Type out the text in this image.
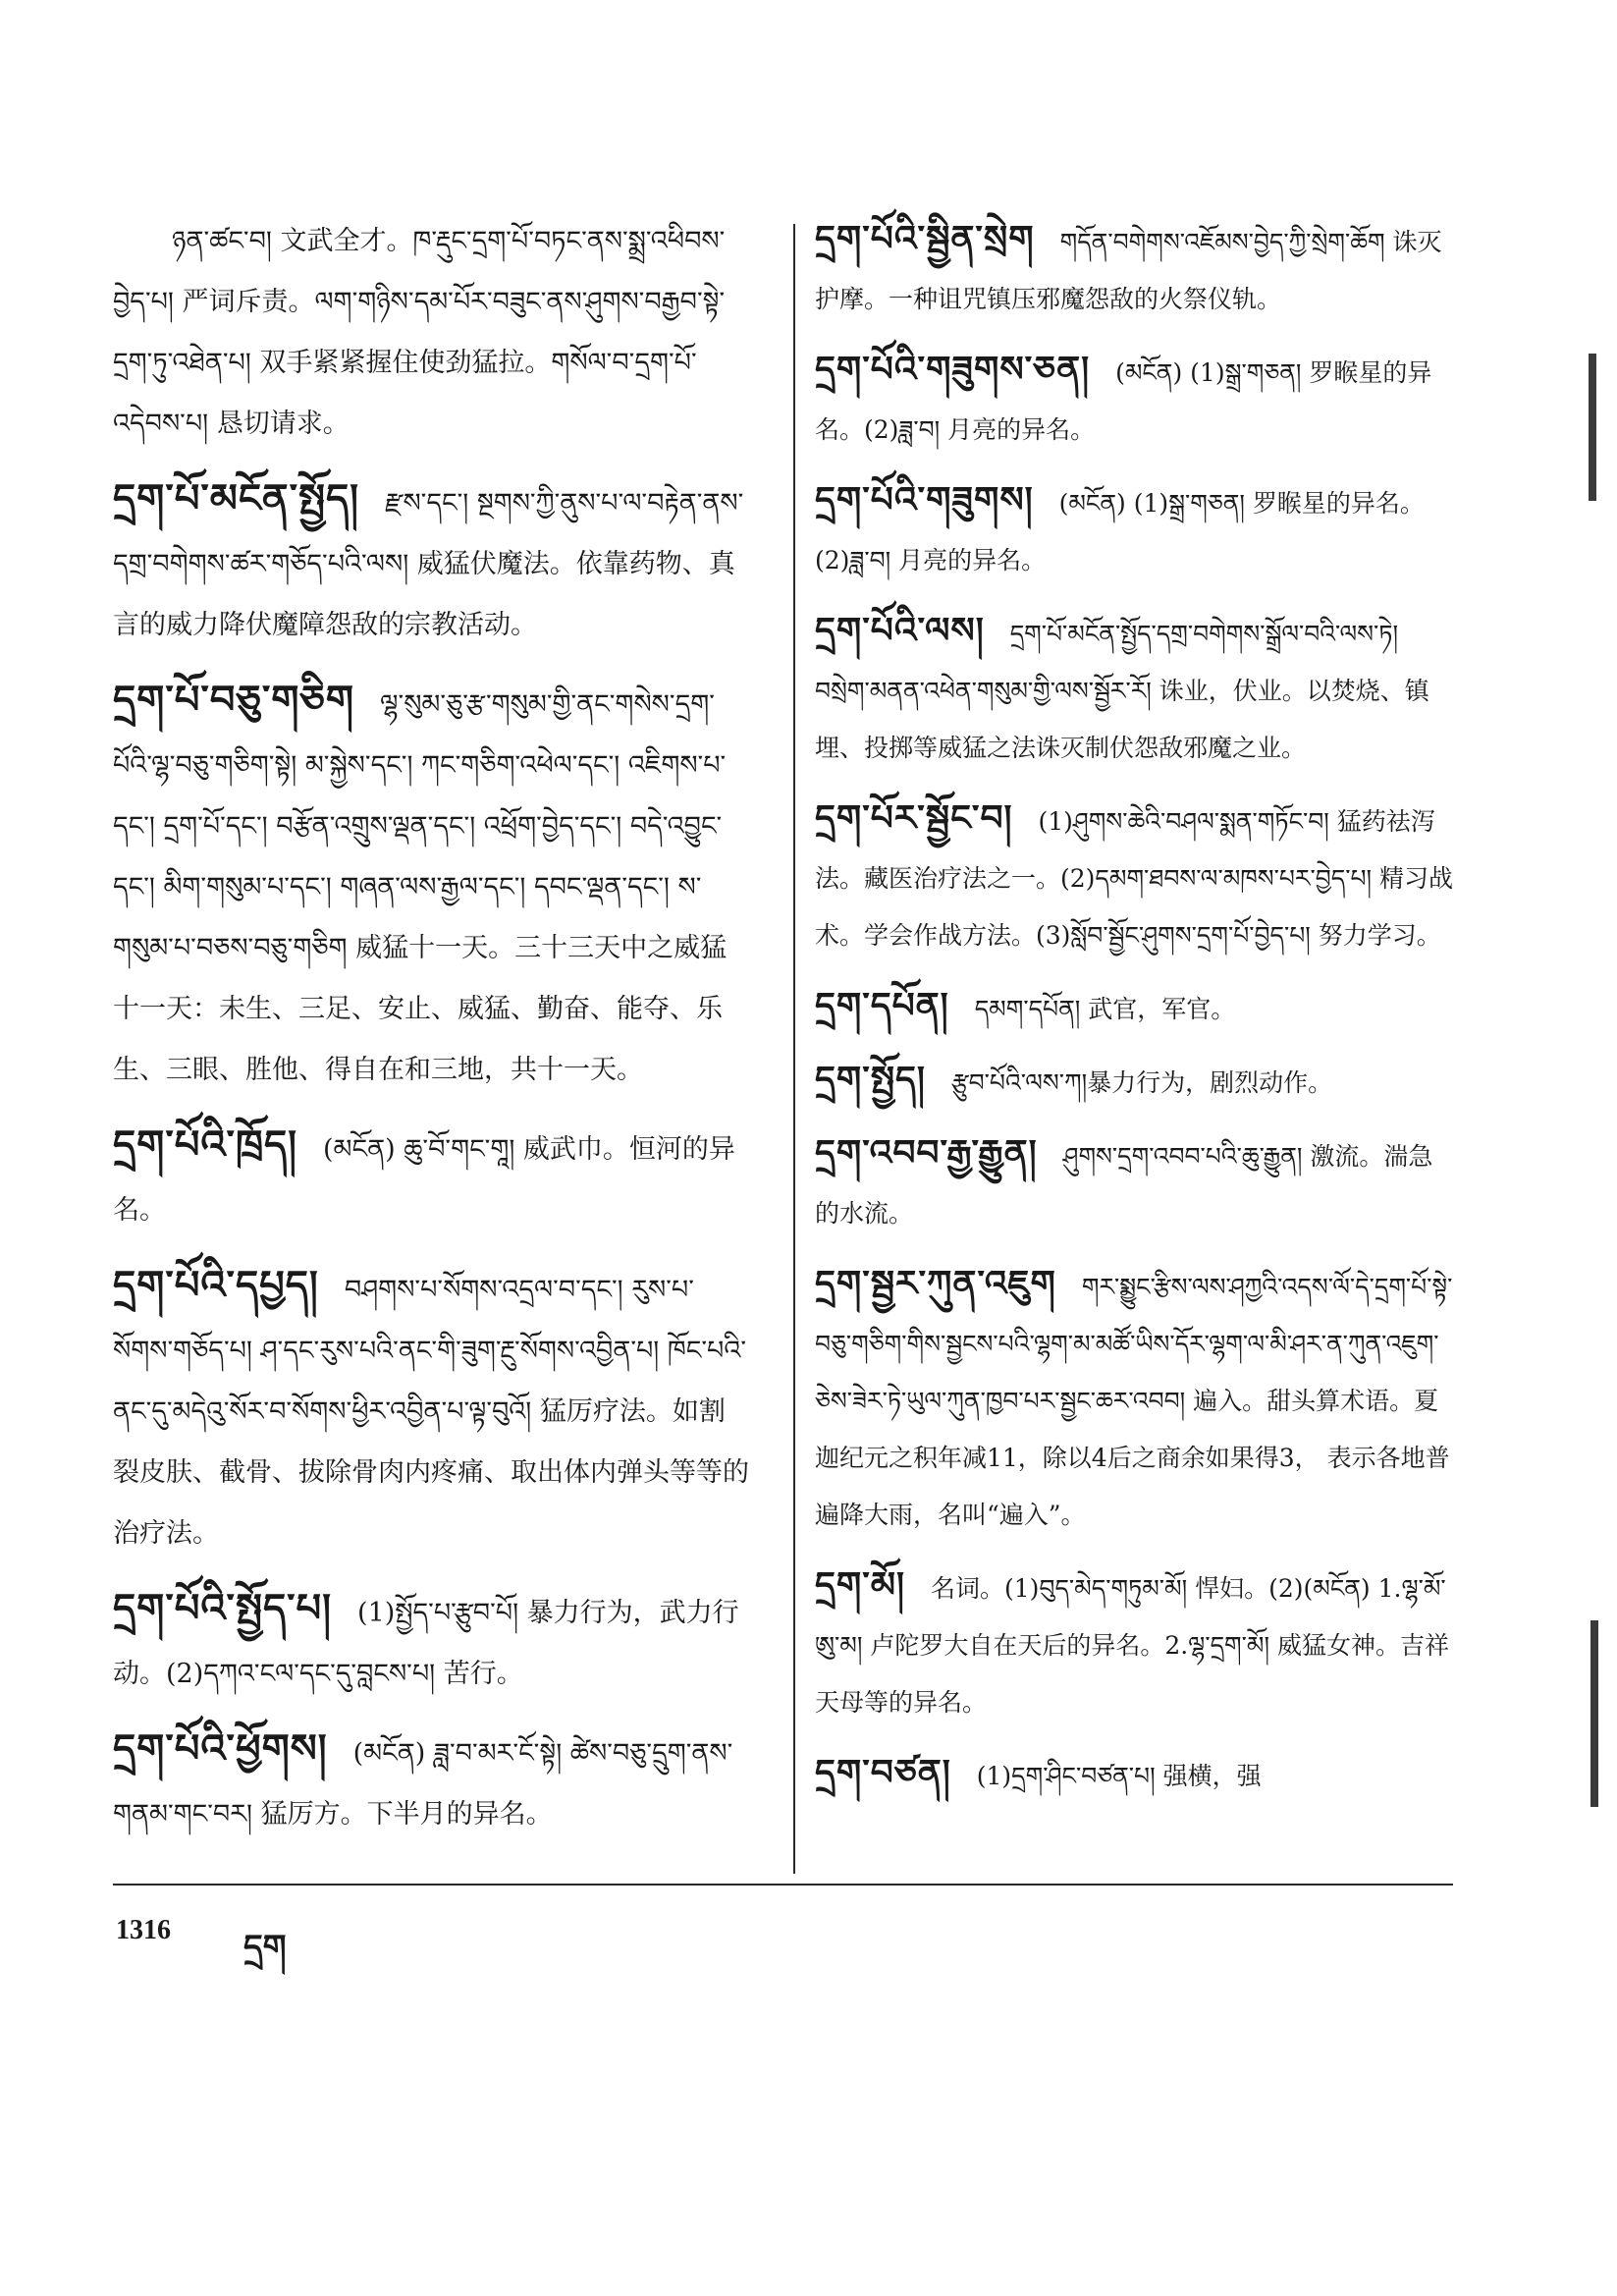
ཉན་ཚང་བ། 文武全才。ཁ་རྡུང་དྲག་པོ་བཏང་ནས་སྨྲ་འཕིབས་བྱེད་པ། 严词斥责。ལག་གཉིས་དམ་པོར་བཟུང་ནས་ཤུགས་བརྒྱབ་སྟེ་དྲག་ཏུ་འཐེན་པ། 双手紧紧握住使劲猛拉。གསོལ་བ་དྲག་པོ་འདེབས་པ། 恳切请求。
དྲག་པོ་མངོན་སྤྱོད། རྫས་དང་། སྔགས་ཀྱི་ནུས་པ་ལ་བརྟེན་ནས་དགྲ་བགེགས་ཚར་གཅོད་པའི་ལས། 威猛伏魔法。依靠药物、真言的威力降伏魔障怨敌的宗教活动。
དྲག་པོ་བཅུ་གཅིག ལྷ་སུམ་ཅུ་རྩ་གསུམ་གྱི་ནང་གསེས་དྲག་པོའི་ལྷ་བཅུ་གཅིག་སྟེ། མ་སྐྱེས་དང་། ཀང་གཅིག་འཕེལ་དང་། འཇིགས་པ་དང་། དྲག་པོ་དང་། བརྩོན་འགྲུས་ལྡན་དང་། འཕྲོག་བྱེད་དང་། བདེ་འབྱུང་དང་། མིག་གསུམ་པ་དང་། གཞན་ལས་རྒྱལ་དང་། དབང་ལྡན་དང་། ས་གསུམ་པ་བཅས་བཅུ་གཅིག 威猛十一天。三十三天中之威猛十一天：未生、三足、安止、威猛、勤奋、能夺、乐生、三眼、胜他、得自在和三地，共十一天。
དྲག་པོའི་ཁྲོད། (མངོན) ཆུ་བོ་གང་གཱ། 威武巾。恒河的异名。
དྲག་པོའི་དཔྱད། བཤགས་པ་སོགས་འདྲལ་བ་དང་། རུས་པ་སོགས་གཅོད་པ། ཤ་དང་རུས་པའི་ནང་གི་ཟུག་རྔུ་སོགས་འབྱིན་པ། ཁོང་པའི་ནང་དུ་མདེའུ་སོར་བ་སོགས་ཕྱིར་འབྱིན་པ་ལྟ་བུའོ། 猛厉疗法。如割裂皮肤、截骨、拔除骨肉内疼痛、取出体内弹头等等的治疗法。
དྲག་པོའི་སྤྱོད་པ། (1)སྤྱོད་པ་རྩུབ་པོ། 暴力行为，武力行动。(2)དཀའ་ངལ་དང་དུ་བླངས་པ། 苦行。
དྲག་པོའི་ཕྱོགས། (མངོན) ཟླ་བ་མར་ངོ་སྟེ། ཚེས་བཅུ་དྲུག་ནས་གནམ་གང་བར། 猛厉方。下半月的异名。
དྲག་པོའི་སྦྱིན་སྲེག གདོན་བགེགས་འཇོམས་བྱེད་ཀྱི་སྲེག་ཆོག 诛灭护摩。一种诅咒镇压邪魔怨敌的火祭仪轨。
དྲག་པོའི་གཟུགས་ཅན། (མངོན) (1)སྒྲ་གཅན། 罗睺星的异名。(2)ཟླ་བ། 月亮的异名。
དྲག་པོའི་གཟུགས། (མངོན) (1)སྒྲ་གཅན། 罗睺星的异名。(2)ཟླ་བ། 月亮的异名。
དྲག་པོའི་ལས། དྲག་པོ་མངོན་སྤྱོད་དགྲ་བགེགས་སྒྲོལ་བའི་ལས་ཏེ། བསྲེག་མནན་འཕེན་གསུམ་གྱི་ལས་སྦྱོར་རོ། 诛业，伏业。以焚烧、镇埋、投掷等威猛之法诛灭制伏怨敌邪魔之业。
དྲག་པོར་སྦྱོང་བ། (1)ཤུགས་ཆེའི་བཤལ་སྨན་གཏོང་བ། 猛药祛泻法。藏医治疗法之一。(2)དམག་ཐབས་ལ་མཁས་པར་བྱེད་པ། 精习战术。学会作战方法。(3)སློབ་སྦྱོང་ཤུགས་དྲག་པོ་བྱེད་པ། 努力学习。
དྲག་དཔོན། དམག་དཔོན། 武官，军官。
དྲག་སྤྱོད། རྩུབ་པོའི་ལས་ཀ།暴力行为，剧烈动作。
དྲག་འབབ་རྒྱ་རྒྱུན། ཤུགས་དྲག་འབབ་པའི་ཆུ་རྒྱུན། 激流。湍急的水流。
དྲག་སྦྱར་ཀུན་འཇུག གར་སྨྱུང་རྩིས་ལས་ཤཀྱའི་འདས་ལོ་དེ་དྲག་པོ་སྟེ་བཅུ་གཅིག་གིས་སྦྱངས་པའི་ལྷག་མ་མཚོ་ཡིས་དོར་ལྷག་ལ་མི་ཤར་ན་ཀུན་འཇུག་ཅེས་ཟེར་ཏེ་ཡུལ་ཀུན་ཁྱབ་པར་སྦྱང་ཆར་འབབ། 遍入。甜头算术语。夏迦纪元之积年减11，除以4后之商余如果得3， 表示各地普遍降大雨，名叫“遍入”。
དྲག་མོ། 名词。(1)བུད་མེད་གཏུམ་མོ། 悍妇。(2)(མངོན) 1.ལྷ་མོ་ཨུ་མ། 卢陀罗大自在天后的异名。2.ལྷ་དྲག་མོ། 威猛女神。吉祥天母等的异名。
དྲག་བཙན། (1)དྲག་ཤིང་བཙན་པ། 强横，强
1316 དྲག
